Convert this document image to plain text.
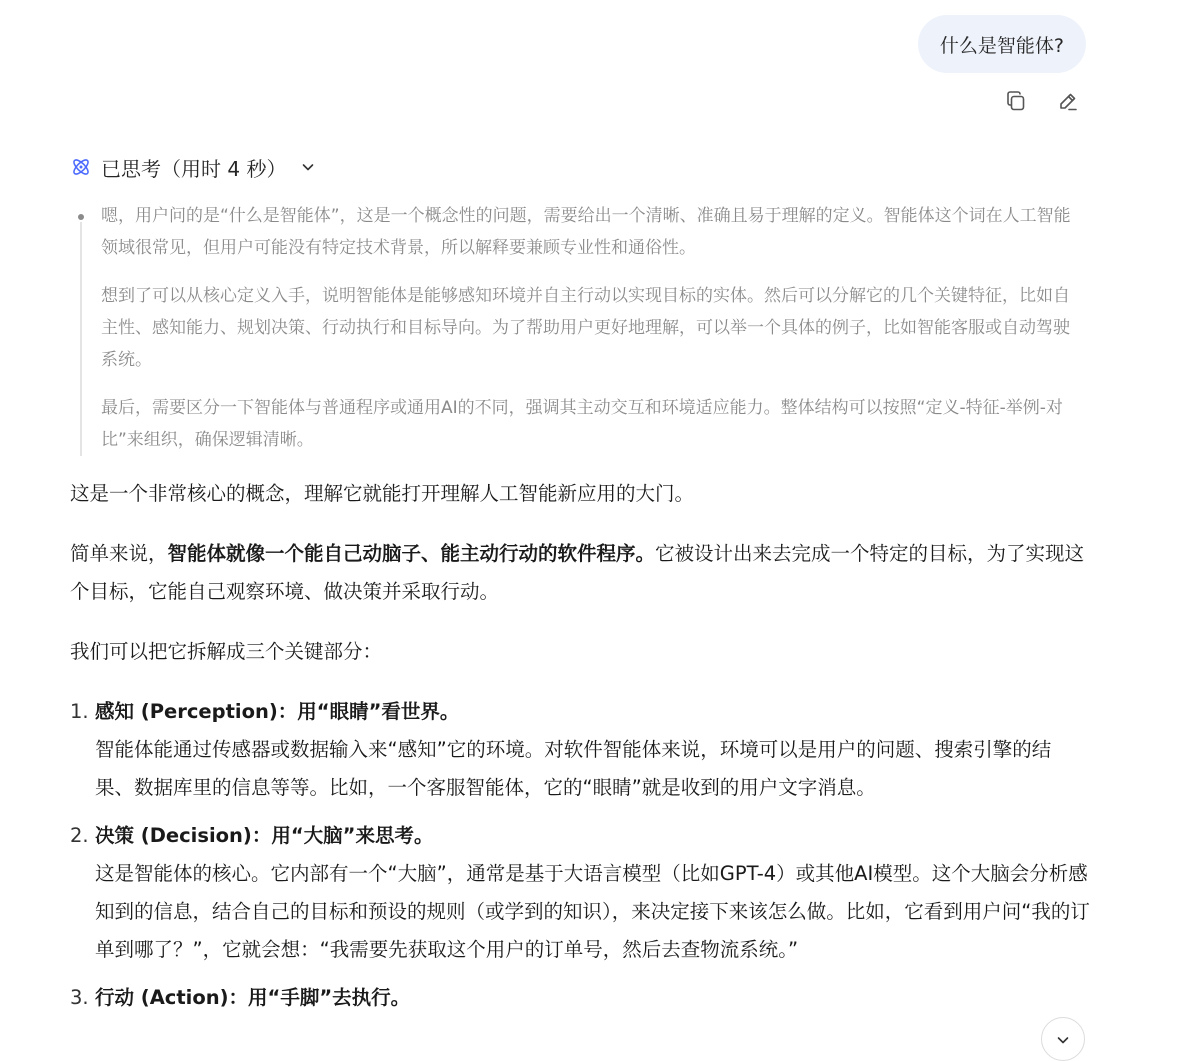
什么是智能体?
已思考（用时 4 秒）

嗯，用户问的是“什么是智能体”，这是一个概念性的问题，需要给出一个清晰、准确且易于理解的定义。智能体这个词在人工智能领域很常见，但用户可能没有特定技术背景，所以解释要兼顾专业性和通俗性。

想到了可以从核心定义入手，说明智能体是能够感知环境并自主行动以实现目标的实体。然后可以分解它的几个关键特征，比如自主性、感知能力、规划决策、行动执行和目标导向。为了帮助用户更好地理解，可以举一个具体的例子，比如智能客服或自动驾驶系统。

最后，需要区分一下智能体与普通程序或通用AI的不同，强调其主动交互和环境适应能力。整体结构可以按照“定义-特征-举例-对比”来组织，确保逻辑清晰。

这是一个非常核心的概念，理解它就能打开理解人工智能新应用的大门。

简单来说，智能体就像一个能自己动脑子、能主动行动的软件程序。它被设计出来去完成一个特定的目标，为了实现这个目标，它能自己观察环境、做决策并采取行动。

我们可以把它拆解成三个关键部分：

1. 感知 (Perception)：用“眼睛”看世界。
智能体能通过传感器或数据输入来“感知”它的环境。对软件智能体来说，环境可以是用户的问题、搜索引擎的结果、数据库里的信息等等。比如，一个客服智能体，它的“眼睛”就是收到的用户文字消息。
2. 决策 (Decision)：用“大脑”来思考。
这是智能体的核心。它内部有一个“大脑”，通常是基于大语言模型（比如GPT-4）或其他AI模型。这个大脑会分析感知到的信息，结合自己的目标和预设的规则（或学到的知识），来决定接下来该怎么做。比如，它看到用户问“我的订单到哪了？”，它就会想：“我需要先获取这个用户的订单号，然后去查物流系统。”
3. 行动 (Action)：用“手脚”去执行。
